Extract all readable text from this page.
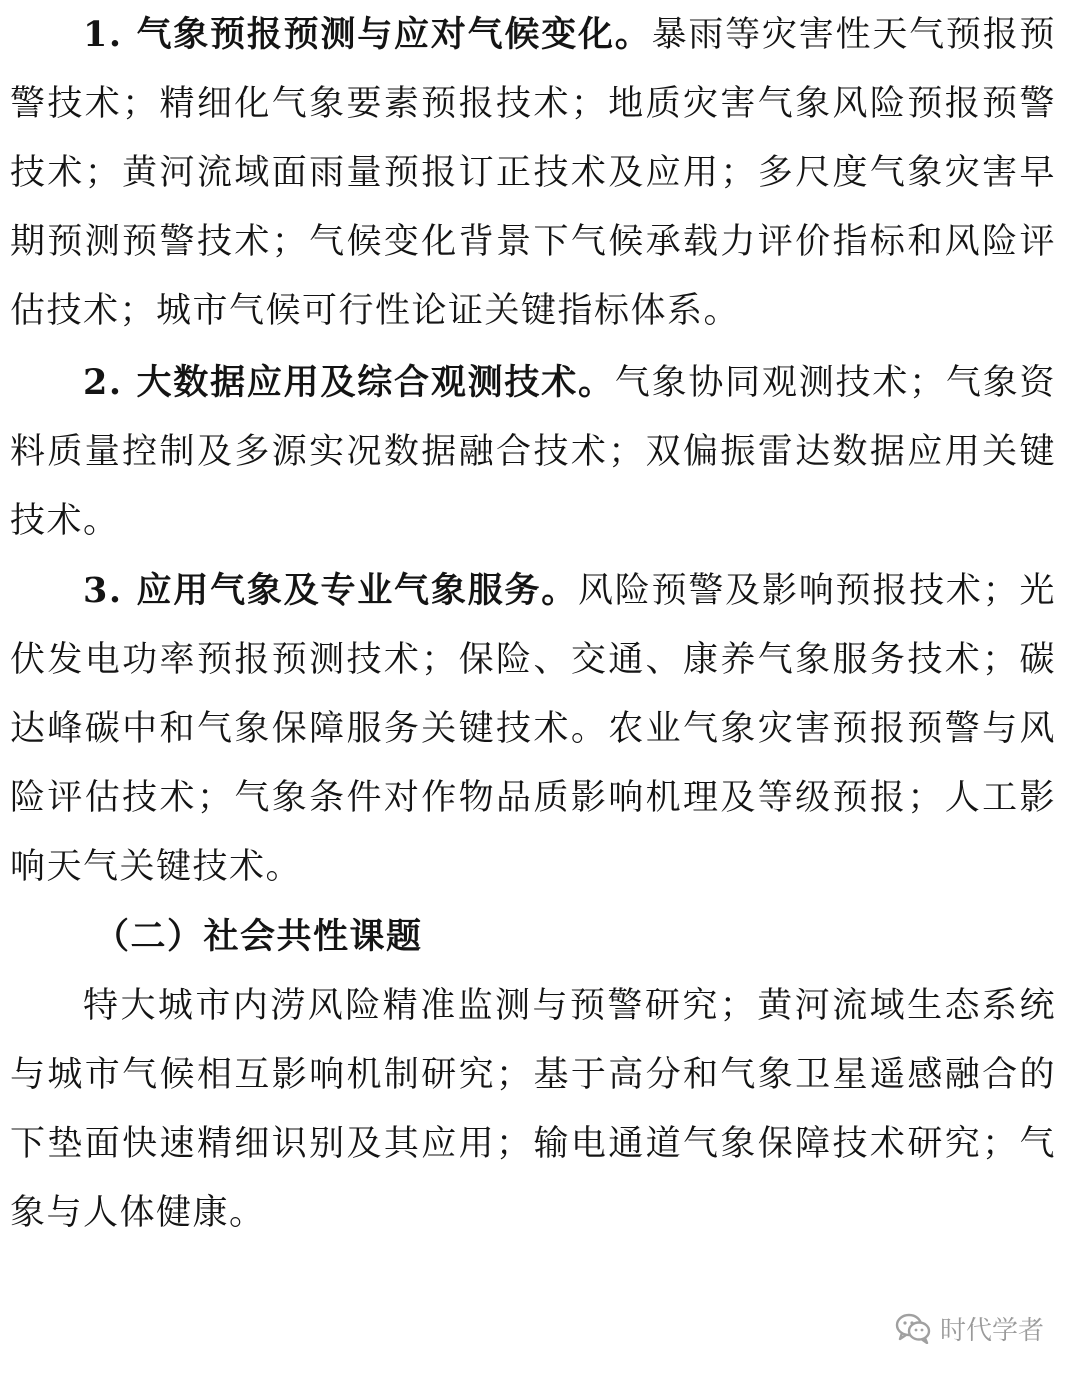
1. 气象预报预测与应对气候变化。暴雨等灾害性天气预报预警技术；精细化气象要素预报技术；地质灾害气象风险预报预警技术；黄河流域面雨量预报订正技术及应用；多尺度气象灾害早期预测预警技术；气候变化背景下气候承载力评价指标和风险评估技术；城市气候可行性论证关键指标体系。

2. 大数据应用及综合观测技术。气象协同观测技术；气象资料质量控制及多源实况数据融合技术；双偏振雷达数据应用关键技术。

3. 应用气象及专业气象服务。风险预警及影响预报技术；光伏发电功率预报预测技术；保险、交通、康养气象服务技术；碳达峰碳中和气象保障服务关键技术。农业气象灾害预报预警与风险评估技术；气象条件对作物品质影响机理及等级预报；人工影响天气关键技术。

（二）社会共性课题

特大城市内涝风险精准监测与预警研究；黄河流域生态系统与城市气候相互影响机制研究；基于高分和气象卫星遥感融合的下垫面快速精细识别及其应用；输电通道气象保障技术研究；气象与人体健康。

时代学者
